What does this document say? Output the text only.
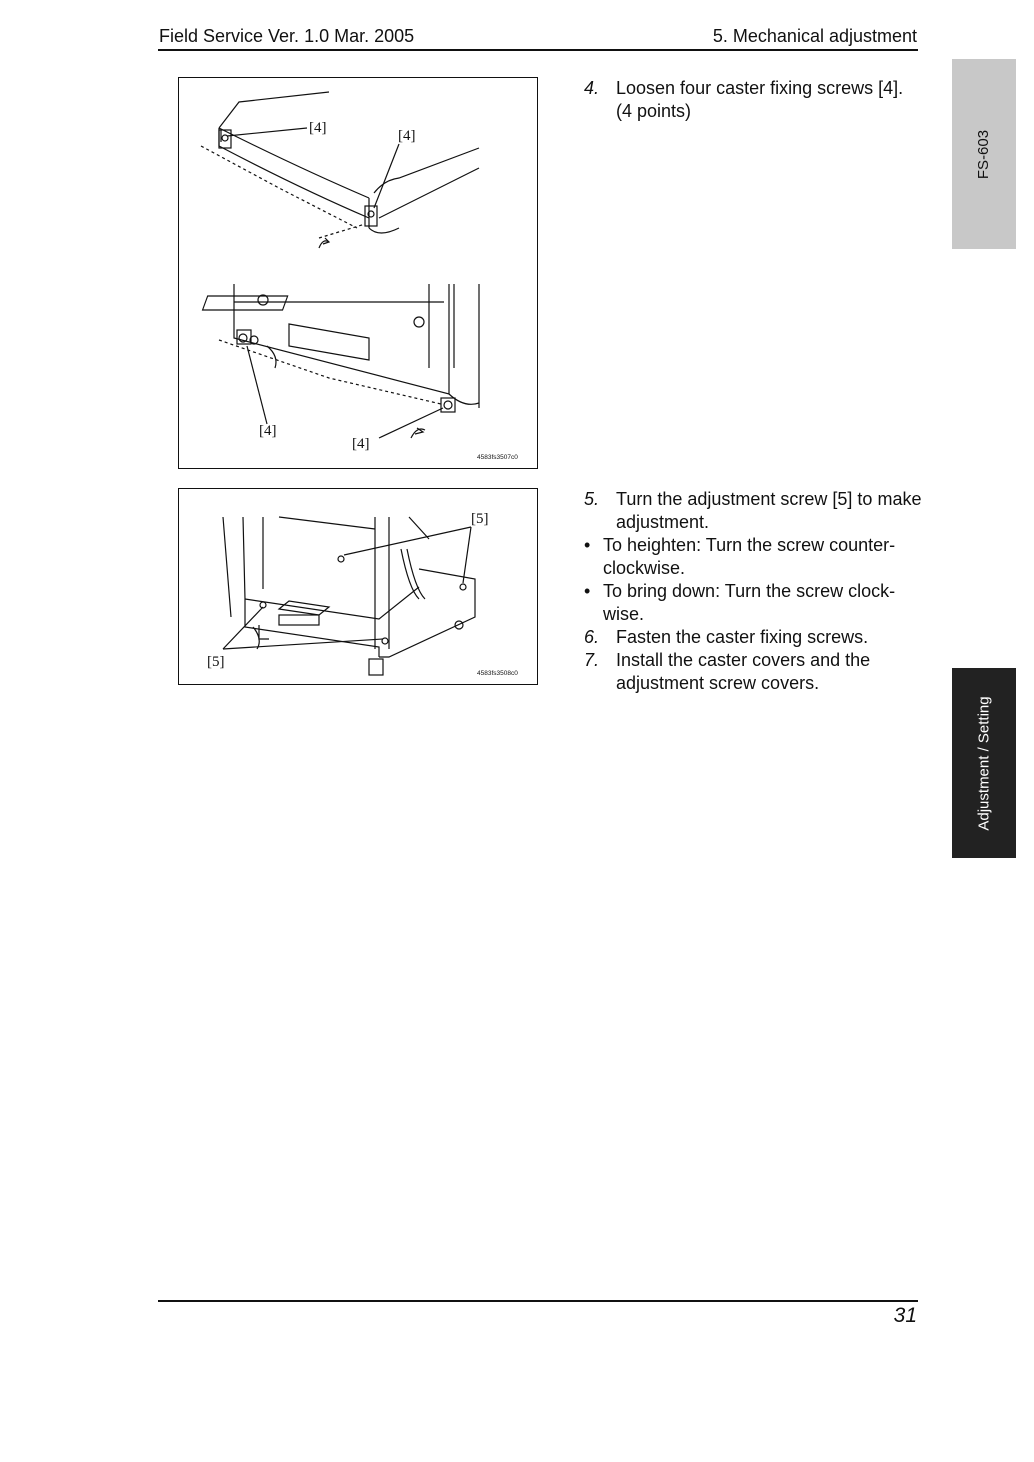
Field Service Ver. 1.0 Mar. 2005	5. Mechanical adjustment
FS-603
Adjustment / Setting
[4]	[4]
[4]
[4]
4583fs3507c0
[5]
[5]
4583fs3508c0
4. Loosen four caster fixing screws [4]. (4 points)
5. Turn the adjustment screw [5] to make adjustment.
• To heighten: Turn the screw counter-clockwise.
• To bring down: Turn the screw clock-wise.
6. Fasten the caster fixing screws.
7. Install the caster covers and the adjustment screw covers.
31
